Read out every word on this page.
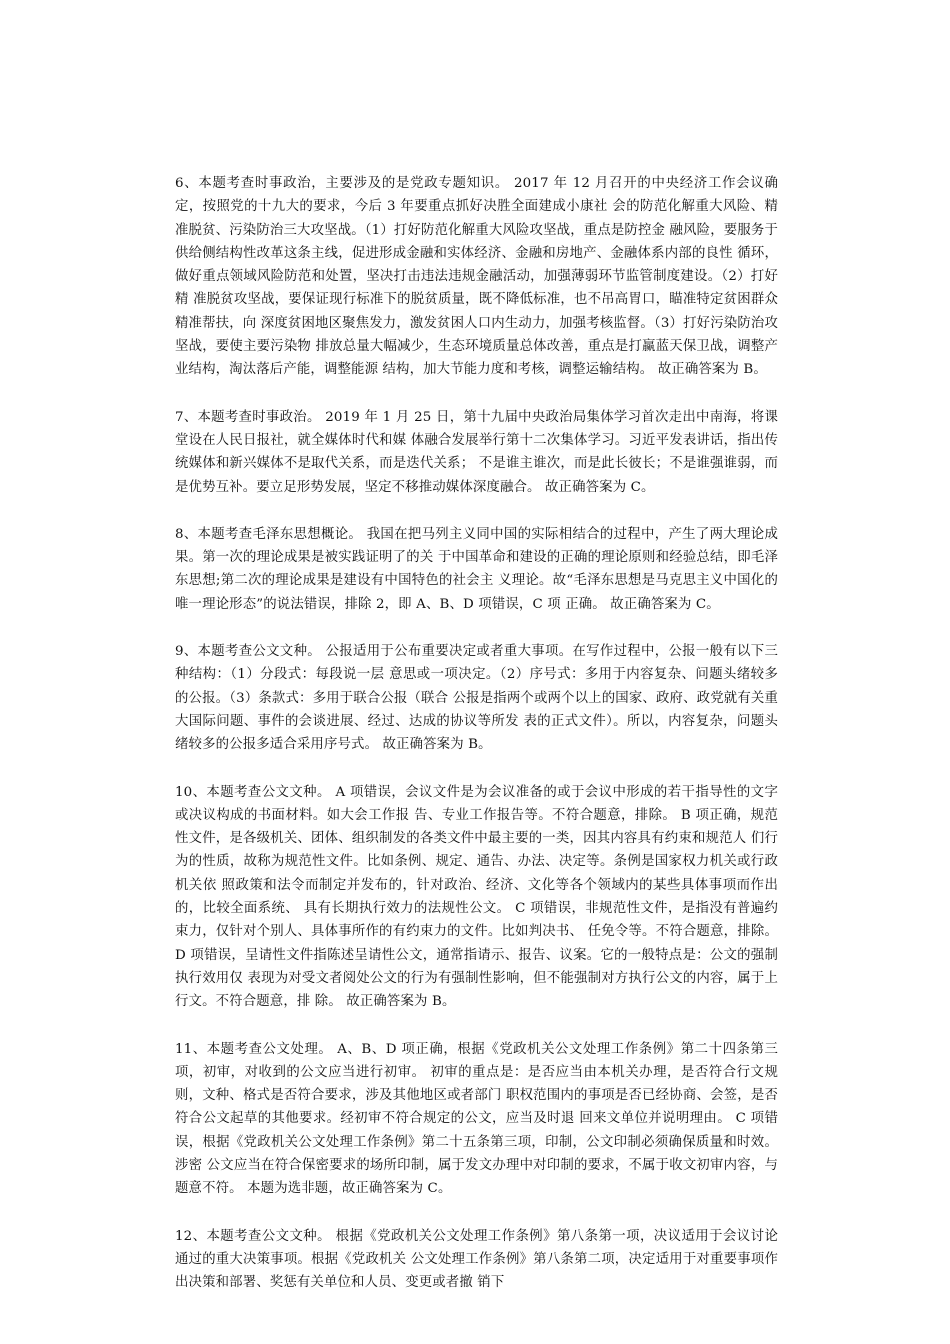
6、本题考查时事政治，主要涉及的是党政专题知识。 2017 年 12 月召开的中央经济工作会议确定，按照党的十九大的要求，今后 3 年要重点抓好决胜全面建成小康社 会的防范化解重大风险、精准脱贫、污染防治三大攻坚战。（1）打好防范化解重大风险攻坚战，重点是防控金 融风险，要服务于供给侧结构性改革这条主线，促进形成金融和实体经济、金融和房地产、金融体系内部的良性 循环，做好重点领域风险防范和处置，坚决打击违法违规金融活动，加强薄弱环节监管制度建设。（2）打好精 准脱贫攻坚战，要保证现行标准下的脱贫质量，既不降低标准，也不吊高胃口，瞄准特定贫困群众精准帮扶，向 深度贫困地区聚焦发力，激发贫困人口内生动力，加强考核监督。（3）打好污染防治攻坚战，要使主要污染物 排放总量大幅减少，生态环境质量总体改善，重点是打赢蓝天保卫战，调整产业结构，淘汰落后产能，调整能源 结构，加大节能力度和考核，调整运输结构。 故正确答案为 B。

7、本题考查时事政治。 2019 年 1 月 25 日，第十九届中央政治局集体学习首次走出中南海，将课堂设在人民日报社，就全媒体时代和媒 体融合发展举行第十二次集体学习。习近平发表讲话，指出传统媒体和新兴媒体不是取代关系，而是迭代关系； 不是谁主谁次，而是此长彼长；不是谁强谁弱，而是优势互补。要立足形势发展，坚定不移推动媒体深度融合。 故正确答案为 C。

8、本题考查毛泽东思想概论。 我国在把马列主义同中国的实际相结合的过程中，产生了两大理论成果。第一次的理论成果是被实践证明了的关 于中国革命和建设的正确的理论原则和经验总结，即毛泽东思想;第二次的理论成果是建设有中国特色的社会主 义理论。故“毛泽东思想是马克思主义中国化的唯一理论形态”的说法错误，排除 2，即 A、B、D 项错误，C 项 正确。 故正确答案为 C。

9、本题考查公文文种。 公报适用于公布重要决定或者重大事项。在写作过程中，公报一般有以下三种结构：（1）分段式：每段说一层 意思或一项决定。（2）序号式：多用于内容复杂、问题头绪较多的公报。（3）条款式：多用于联合公报（联合 公报是指两个或两个以上的国家、政府、政党就有关重大国际问题、事件的会谈进展、经过、达成的协议等所发 表的正式文件）。所以，内容复杂，问题头绪较多的公报多适合采用序号式。 故正确答案为 B。

10、本题考查公文文种。 A 项错误，会议文件是为会议准备的或于会议中形成的若干指导性的文字或决议构成的书面材料。如大会工作报 告、专业工作报告等。不符合题意，排除。 B 项正确，规范性文件，是各级机关、团体、组织制发的各类文件中最主要的一类，因其内容具有约束和规范人 们行为的性质，故称为规范性文件。比如条例、规定、通告、办法、决定等。条例是国家权力机关或行政机关依 照政策和法令而制定并发布的，针对政治、经济、文化等各个领域内的某些具体事项而作出的，比较全面系统、 具有长期执行效力的法规性公文。 C 项错误，非规范性文件，是指没有普遍约束力，仅针对个别人、具体事所作的有约束力的文件。比如判决书、 任免令等。不符合题意，排除。D 项错误，呈请性文件指陈述呈请性公文，通常指请示、报告、议案。它的一般特点是：公文的强制执行效用仅 表现为对受文者阅处公文的行为有强制性影响，但不能强制对方执行公文的内容，属于上行文。不符合题意，排 除。 故正确答案为 B。

11、本题考查公文处理。 A、B、D 项正确，根据《党政机关公文处理工作条例》第二十四条第三项，初审，对收到的公文应当进行初审。 初审的重点是：是否应当由本机关办理，是否符合行文规则，文种、格式是否符合要求，涉及其他地区或者部门 职权范围内的事项是否已经协商、会签，是否符合公文起草的其他要求。经初审不符合规定的公文，应当及时退 回来文单位并说明理由。 C 项错误，根据《党政机关公文处理工作条例》第二十五条第三项，印制，公文印制必须确保质量和时效。涉密 公文应当在符合保密要求的场所印制，属于发文办理中对印制的要求，不属于收文初审内容，与题意不符。 本题为选非题，故正确答案为 C。

12、本题考查公文文种。 根据《党政机关公文处理工作条例》第八条第一项，决议适用于会议讨论通过的重大决策事项。根据《党政机关 公文处理工作条例》第八条第二项，决定适用于对重要事项作出决策和部署、奖惩有关单位和人员、变更或者撤 销下
